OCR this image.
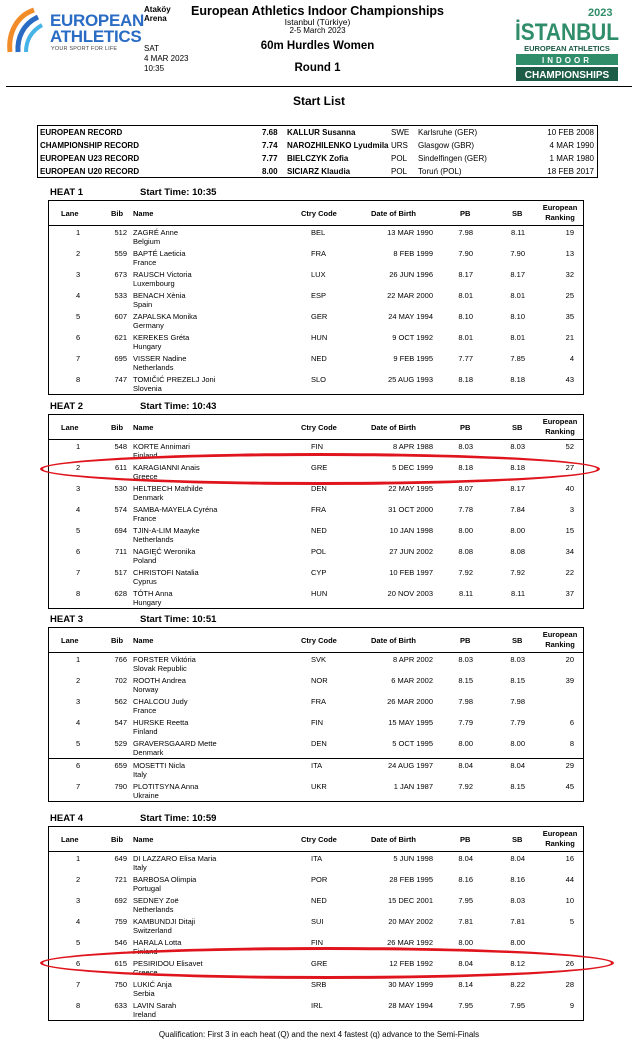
EUROPEAN
ATHLETICS
YOUR SPORT FOR LIFE
Ataköy
Arena
SAT
4 MAR 2023
10:35
European Athletics Indoor Championships
Istanbul (Türkiye)
2-5 March 2023
60m Hurdles Women
Round 1
2023
İSTANBUL
EUROPEAN ATHLETICS
INDOOR
CHAMPIONSHIPS
Start List
EUROPEAN RECORD	7.68 KALLUR Susanna	SWE Karlsruhe (GER)	10 FEB 2008
CHAMPIONSHIP RECORD	7.74 NAROZHILENKO Lyudmila URS Glasgow (GBR)	4 MAR 1990
EUROPEAN U23 RECORD	7.77 BIELCZYK Zofia	POL Sindelfingen (GER)	1 MAR 1980
EUROPEAN U20 RECORD	8.00 SICIARZ Klaudia	POL Toruń (POL)	18 FEB 2017
HEAT 1	Start Time: 10:35
Lane	Bib Name	Ctry Code	Date of Birth	PB	SB
European Ranking
1	512 ZAGRÉ Anne
Belgium
BEL	13 MAR 1990	7.98	8.11	19
2	559 BAPTÉ Laeticia
France
FRA	8 FEB 1999	7.90	7.90	13
3	673 RAUSCH Victoria
Luxembourg
LUX	26 JUN 1996	8.17	8.17	32
4	533 BENACH Xènia
Spain
ESP	22 MAR 2000	8.01	8.01	25
5	607 ZAPALSKA Monika
Germany
GER	24 MAY 1994	8.10	8.10	35
6	621 KEREKES Gréta
Hungary
HUN	9 OCT 1992	8.01	8.01	21
7	695 VISSER Nadine
Netherlands
NED	9 FEB 1995	7.77	7.85	4
8	747 TOMIČIĆ PREZELJ Joni
Slovenia
SLO	25 AUG 1993	8.18	8.18	43
HEAT 2	Start Time: 10:43
Lane	Bib Name	Ctry Code	Date of Birth	PB	SB
European Ranking
1	548 KORTE Annimari
Finland
FIN	8 APR 1988	8.03	8.03	52
2	611 KARAGIANNI Anais
Greece
GRE	5 DEC 1999	8.18	8.18	27
3	530 HELTBECH Mathilde
Denmark
DEN	22 MAY 1995	8.07	8.17	40
4	574 SAMBA-MAYELA Cyréna
France
FRA	31 OCT 2000	7.78	7.84	3
5	694 TJIN-A-LIM Maayke
Netherlands
NED	10 JAN 1998	8.00	8.00	15
6	711 NAGIĘĆ Weronika
Poland
POL	27 JUN 2002	8.08	8.08	34
7	517 CHRISTOFI Natalia
Cyprus
CYP	10 FEB 1997	7.92	7.92	22
8	628 TÓTH Anna
Hungary
HUN	20 NOV 2003	8.11	8.11	37
HEAT 3	Start Time: 10:51
Lane	Bib Name	Ctry Code	Date of Birth	PB	SB
European Ranking
1	766 FORSTER Viktória
Slovak Republic
SVK	8 APR 2002	8.03	8.03	20
2	702 ROOTH Andrea
Norway
NOR	6 MAR 2002	8.15	8.15	39
3	562 CHALCOU Judy
France
FRA	26 MAR 2000	7.98	7.98
4	547 HURSKE Reetta
Finland
FIN	15 MAY 1995	7.79	7.79	6
5	529 GRAVERSGAARD Mette
Denmark
DEN	5 OCT 1995	8.00	8.00	8
6	659 MOSETTI Nicla
Italy
ITA	24 AUG 1997	8.04	8.04	29
7	790 PLOTITSYNA Anna
Ukraine
UKR	1 JAN 1987	7.92	8.15	45
HEAT 4	Start Time: 10:59
Lane	Bib Name	Ctry Code	Date of Birth	PB	SB
European Ranking
1	649 DI LAZZARO Elisa Maria
Italy
ITA	5 JUN 1998	8.04	8.04	16
2	721 BARBOSA Olimpia
Portugal
POR	28 FEB 1995	8.16	8.16	44
3	692 SEDNEY Zoë
Netherlands
NED	15 DEC 2001	7.95	8.03	10
4	759 KAMBUNDJI Ditaji
Switzerland
SUI	20 MAY 2002	7.81	7.81	5
5	546 HARALA Lotta
Finland
FIN	26 MAR 1992	8.00	8.00
6	615 PESIRIDOU Elisavet
Greece
GRE	12 FEB 1992	8.04	8.12	26
7	750 LUKIĆ Anja
Serbia
SRB	30 MAY 1999	8.14	8.22	28
8	633 LAVIN Sarah
Ireland
IRL	28 MAY 1994	7.95	7.95	9
Qualification: First 3 in each heat (Q) and the next 4 fastest (q) advance to the Semi-Finals
